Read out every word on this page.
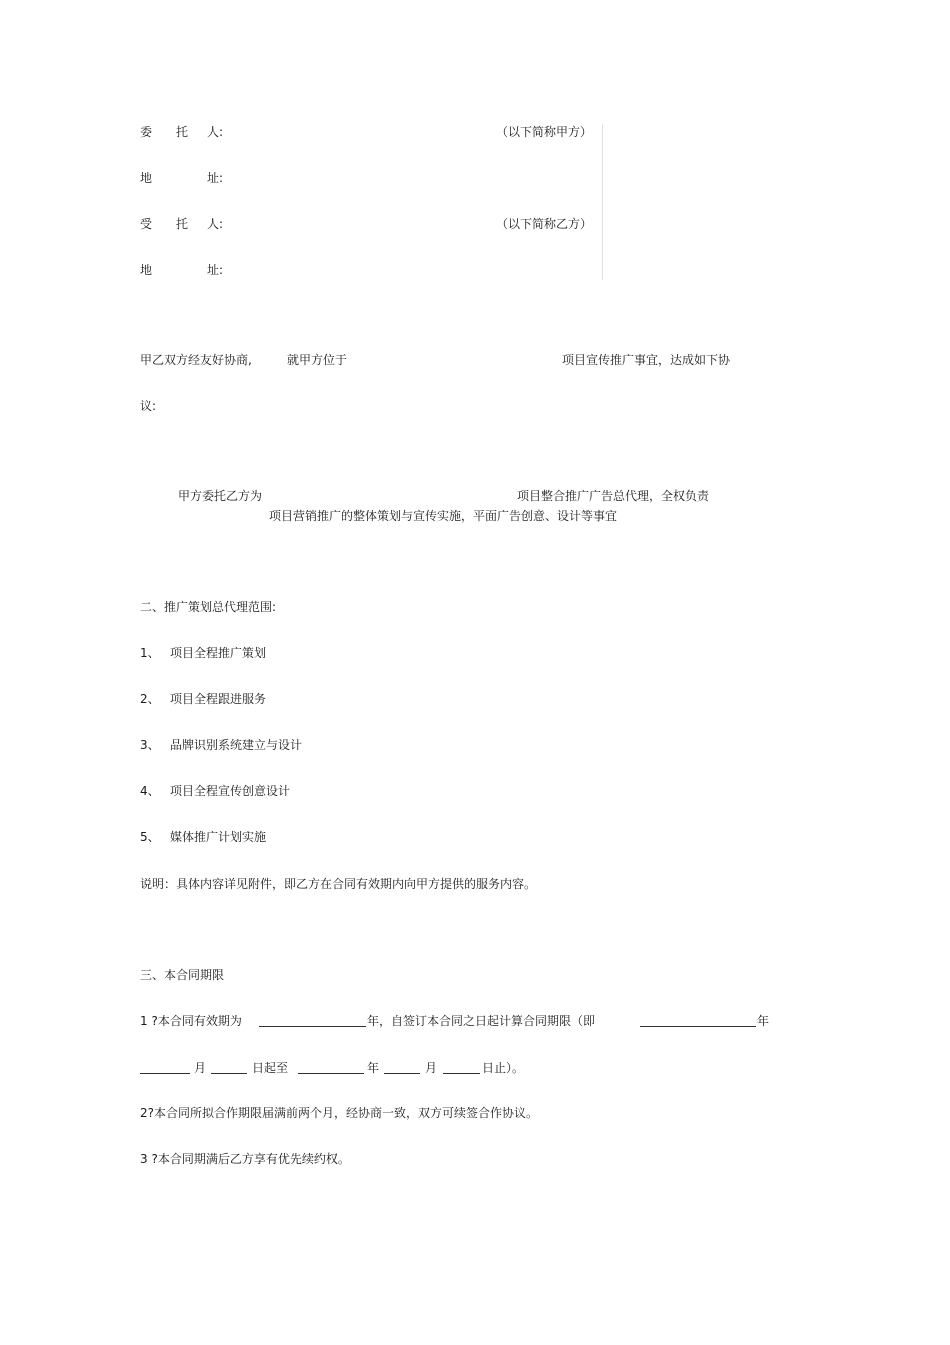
委 托 人:	（以下简称甲方）
地	址:
受 托 人:	（以下简称乙方）
地	址:
甲乙双方经友好协商,	就甲方位于	项目宣传推广事宜，达成如下协
议:
甲方委托乙方为	项目整合推广广告总代理，全权负责
项目营销推广的整体策划与宣传实施，平面广告创意、设计等事宜
二、推广策划总代理范围:
1、 项目全程推广策划
2、 项目全程跟进服务
3、 品牌识别系统建立与设计
4、 项目全程宣传创意设计
5、 媒体推广计划实施
说明：具体内容详见附件，即乙方在合同有效期内向甲方提供的服务内容。
三、本合同期限
1 ?本合同有效期为	年，自签订本合同之日起计算合同期限（即	年
月	日起至	年	月	日止）。
2?本合同所拟合作期限届满前两个月，经协商一致，双方可续签合作协议。
3 ?本合同期满后乙方享有优先续约权。
